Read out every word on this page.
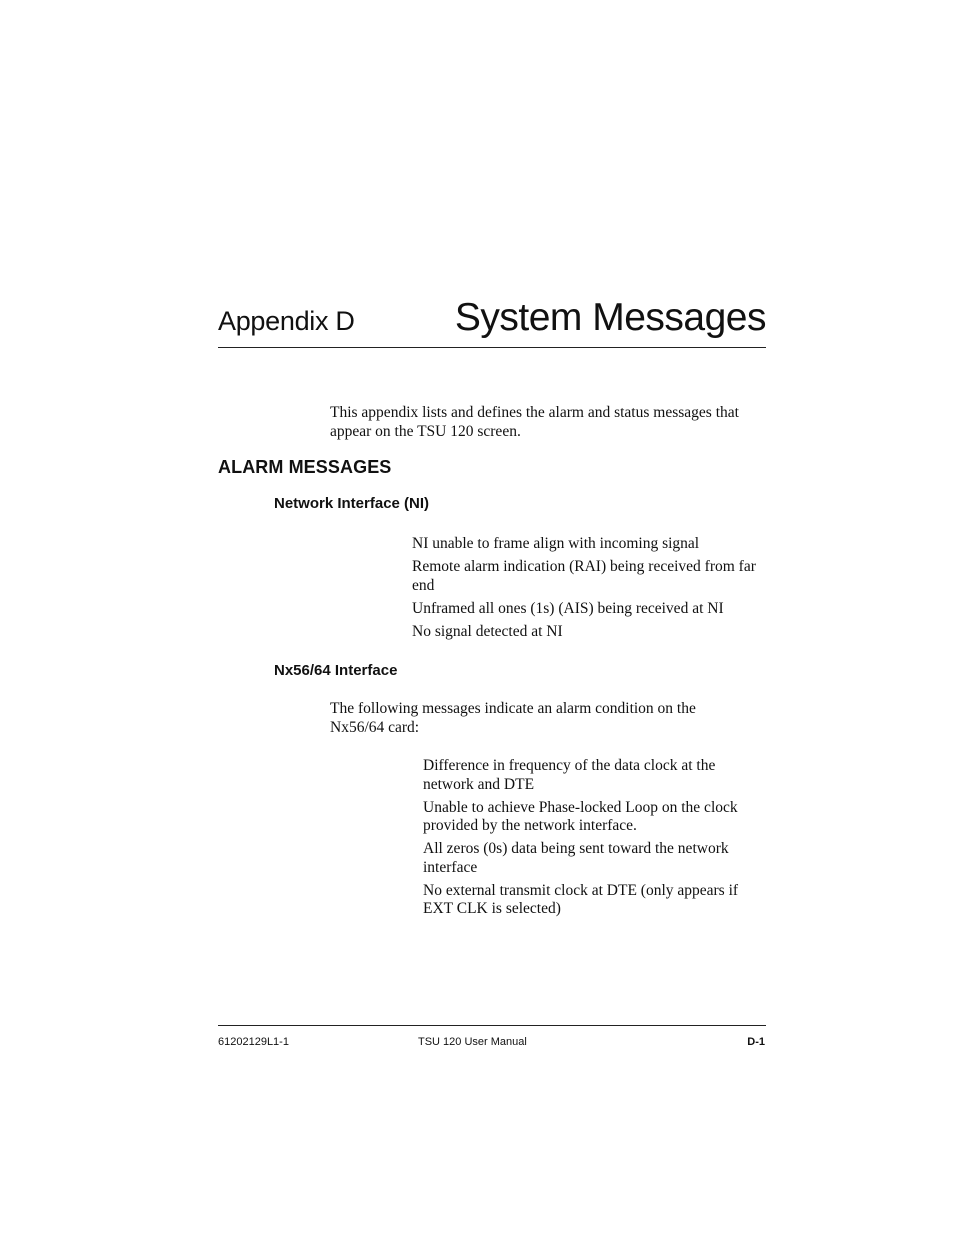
Appendix D	System Messages

This appendix lists and defines the alarm and status messages that appear on the TSU 120 screen.

ALARM MESSAGES
Network Interface (NI)
NI unable to frame align with incoming signal
Remote alarm indication (RAI) being received from far end
Unframed all ones (1s) (AIS) being received at NI
No signal detected at NI
Nx56/64 Interface

The following messages indicate an alarm condition on the Nx56/64 card:

Difference in frequency of the data clock at the network and DTE
Unable to achieve Phase-locked Loop on the clock provided by the network interface.
All zeros (0s) data being sent toward the network interface
No external transmit clock at DTE (only appears if EXT CLK is selected)
61202129L1-1	TSU 120 User Manual	D-1
